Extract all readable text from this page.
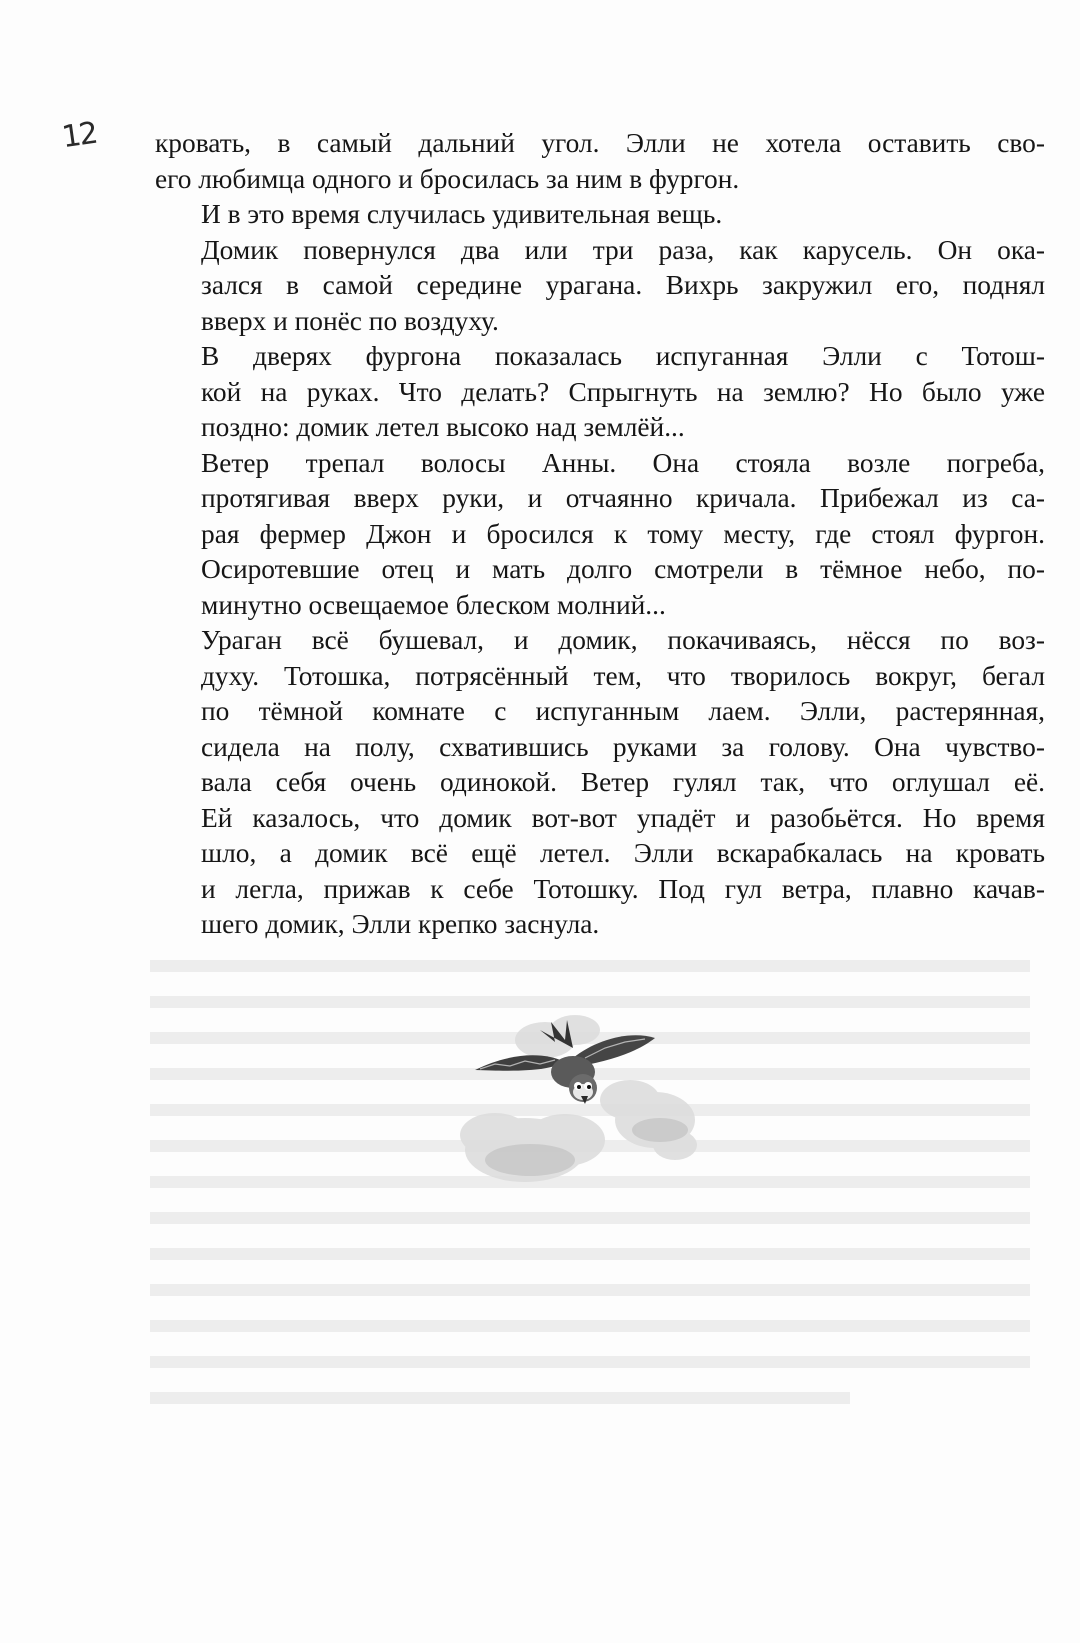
12 кровать, в самый дальний угол. Элли не хотела оставить сво-
его любимца одного и бросилась за ним в фургон.

И в это время случилась удивительная вещь.

Домик повернулся два или три раза, как карусель. Он ока-
зался в самой середине урагана. Вихрь закружил его, поднял
вверх и понёс по воздуху.

В дверях фургона показалась испуганная Элли с Тотош-
кой на руках. Что делать? Спрыгнуть на землю? Но было уже
поздно: домик летел высоко над землёй...

Ветер трепал волосы Анны. Она стояла возле погреба,
протягивая вверх руки, и отчаянно кричала. Прибежал из са-
рая фермер Джон и бросился к тому месту, где стоял фургон.
Осиротевшие отец и мать долго смотрели в тёмное небо, по-
минутно освещаемое блеском молний...

Ураган всё бушевал, и домик, покачиваясь, нёсся по воз-
духу. Тотошка, потрясённый тем, что творилось вокруг, бегал
по тёмной комнате с испуганным лаем. Элли, растерянная,
сидела на полу, схватившись руками за голову. Она чувство-
вала себя очень одинокой. Ветер гулял так, что оглушал её.
Ей казалось, что домик вот-вот упадёт и разобьётся. Но время
шло, а домик всё ещё летел. Элли вскарабкалась на кровать
и легла, прижав к себе Тотошку. Под гул ветра, плавно качав-
шего домик, Элли крепко заснула.
